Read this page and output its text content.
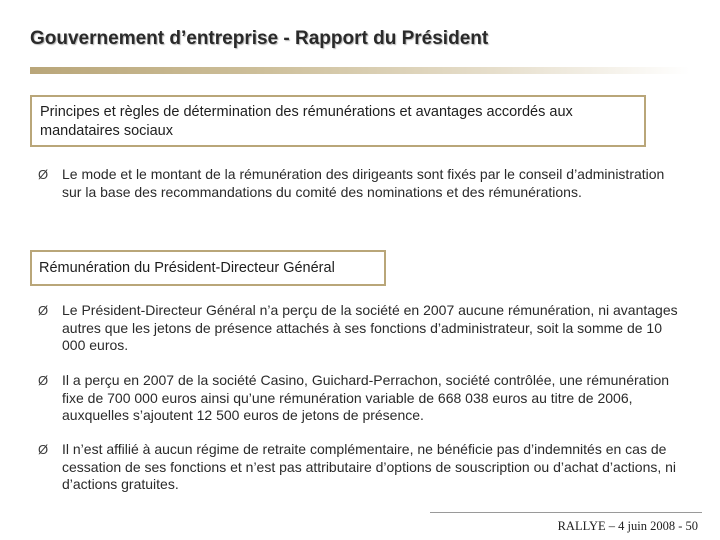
Gouvernement d’entreprise - Rapport du Président
Principes et règles de détermination des rémunérations et avantages accordés aux mandataires sociaux
Ø Le mode et le montant de la rémunération des dirigeants sont fixés par le conseil d’administration sur la base des recommandations du comité des nominations et des rémunérations.
Rémunération du Président-Directeur Général
Ø Le Président-Directeur Général n’a perçu de la société en 2007 aucune rémunération, ni avantages autres que les jetons de présence attachés à ses fonctions d’administrateur, soit la somme de 10 000 euros.
Ø Il a perçu en 2007 de la société Casino, Guichard-Perrachon, société contrôlée, une rémunération fixe de 700 000 euros ainsi qu’une rémunération variable de 668 038 euros au titre de 2006, auxquelles s’ajoutent 12 500 euros de jetons de présence.
Ø Il n’est affilié à aucun régime de retraite complémentaire, ne bénéficie pas d’indemnités en cas de cessation de ses fonctions et n’est pas attributaire d’options de souscription ou d’achat d’actions, ni d’actions gratuites.
RALLYE – 4 juin 2008 - 50
